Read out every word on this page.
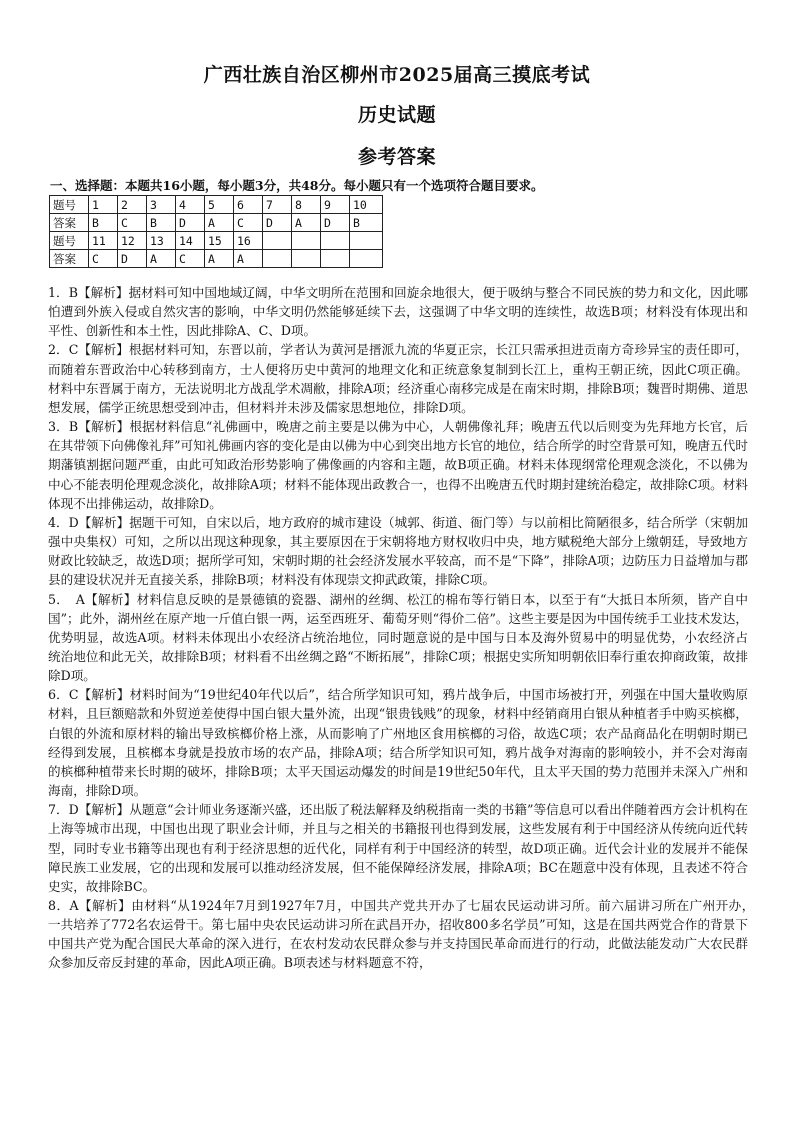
广西壮族自治区柳州市2025届高三摸底考试
历史试题
参考答案
一、选择题：本题共16小题，每小题3分，共48分。每小题只有一个选项符合题目要求。
题号	1	2	3	4	5	6	7	8	9	10
答案	B	C	B	D	A	C	D	A	D	B
题号	11	12	13	14	15	16				
答案	C	D	A	C	A	A				

1．B【解析】据材料可知中国地域辽阔，中华文明所在范围和回旋余地很大，便于吸纳与整合不同民族的势力和文化，因此哪怕遭到外族入侵或自然灾害的影响，中华文明仍然能够延续下去，这强调了中华文明的连续性，故选B项；材料没有体现出和平性、创新性和本土性，因此排除A、C、D项。

2．C【解析】根据材料可知，东晋以前，学者认为黄河是搢派九流的华夏正宗，长江只需承担进贡南方奇珍异宝的责任即可，而随着东晋政治中心转移到南方，士人便将历史中黄河的地理文化和正统意象复制到长江上，重构王朝正统，因此C项正确。材料中东晋属于南方，无法说明北方战乱学术凋敝，排除A项；经济重心南移完成是在南宋时期，排除B项；魏晋时期佛、道思想发展，儒学正统思想受到冲击，但材料并未涉及儒家思想地位，排除D项。

3．B【解析】根据材料信息“礼佛画中，晚唐之前主要是以佛为中心，人朝佛像礼拜；晚唐五代以后则变为先拜地方长官，后在其带领下向佛像礼拜”可知礼佛画内容的变化是由以佛为中心到突出地方长官的地位，结合所学的时空背景可知，晚唐五代时期藩镇割据问题严重，由此可知政治形势影响了佛像画的内容和主题，故B项正确。材料未体现纲常伦理观念淡化，不以佛为中心不能表明伦理观念淡化，故排除A项；材料不能体现出政教合一，也得不出晚唐五代时期封建统治稳定，故排除C项。材料体现不出排佛运动，故排除D。

4．D【解析】据题干可知，自宋以后，地方政府的城市建设（城郭、街道、衙门等）与以前相比简陋很多，结合所学（宋朝加强中央集权）可知，之所以出现这种现象，其主要原因在于宋朝将地方财权收归中央，地方赋税绝大部分上缴朝廷，导致地方财政比较缺乏，故选D项；据所学可知，宋朝时期的社会经济发展水平较高，而不是“下降”，排除A项；边防压力日益增加与郡县的建设状况并无直接关系，排除B项；材料没有体现崇文抑武政策，排除C项。

5．　A【解析】材料信息反映的是景德镇的瓷器、湖州的丝绸、松江的棉布等行销日本，以至于有“大抵日本所须，皆产自中国”；此外，湖州丝在原产地一斤值白银一两，运至西班牙、葡萄牙则“得价二倍”。这些主要是因为中国传统手工业技术发达，优势明显，故选A项。材料未体现出小农经济占统治地位，同时题意说的是中国与日本及海外贸易中的明显优势，小农经济占统治地位和此无关，故排除B项；材料看不出丝绸之路“不断拓展”，排除C项；根据史实所知明朝依旧奉行重农抑商政策，故排除D项。

6．C【解析】材料时间为“19世纪40年代以后”，结合所学知识可知，鸦片战争后，中国市场被打开，列强在中国大量收购原材料，且巨额赔款和外贸逆差使得中国白银大量外流，出现“银贵钱贱”的现象，材料中经销商用白银从种植者手中购买槟榔，白银的外流和原材料的输出导致槟榔价格上涨，从而影响了广州地区食用槟榔的习俗，故选C项；农产品商品化在明朝时期已经得到发展，且槟榔本身就是投放市场的农产品，排除A项；结合所学知识可知，鸦片战争对海南的影响较小，并不会对海南的槟榔种植带来长时期的破坏，排除B项；太平天国运动爆发的时间是19世纪50年代，且太平天国的势力范围并未深入广州和海南，排除D项。

7．D【解析】从题意“会计师业务逐渐兴盛，还出版了税法解释及纳税指南一类的书籍”等信息可以看出伴随着西方会计机构在上海等城市出现，中国也出现了职业会计师，并且与之相关的书籍报刊也得到发展，这些发展有利于中国经济从传统向近代转型，同时专业书籍等出现也有利于经济思想的近代化，同样有利于中国经济的转型，故D项正确。近代会计业的发展并不能保障民族工业发展，它的出现和发展可以推动经济发展，但不能保障经济发展，排除A项；BC在题意中没有体现，且表述不符合史实，故排除BC。

8．A【解析】由材料“从1924年7月到1927年7月，中国共产党共开办了七届农民运动讲习所。前六届讲习所在广州开办，　一共培养了772名农运骨干。第七届中央农民运动讲习所在武昌开办，招收800多名学员”可知，这是在国共两党合作的背景下中国共产党为配合国民大革命的深入进行，在农村发动农民群众参与并支持国民革命而进行的行动，此做法能发动广大农民群众参加反帝反封建的革命，因此A项正确。B项表述与材料题意不符，
